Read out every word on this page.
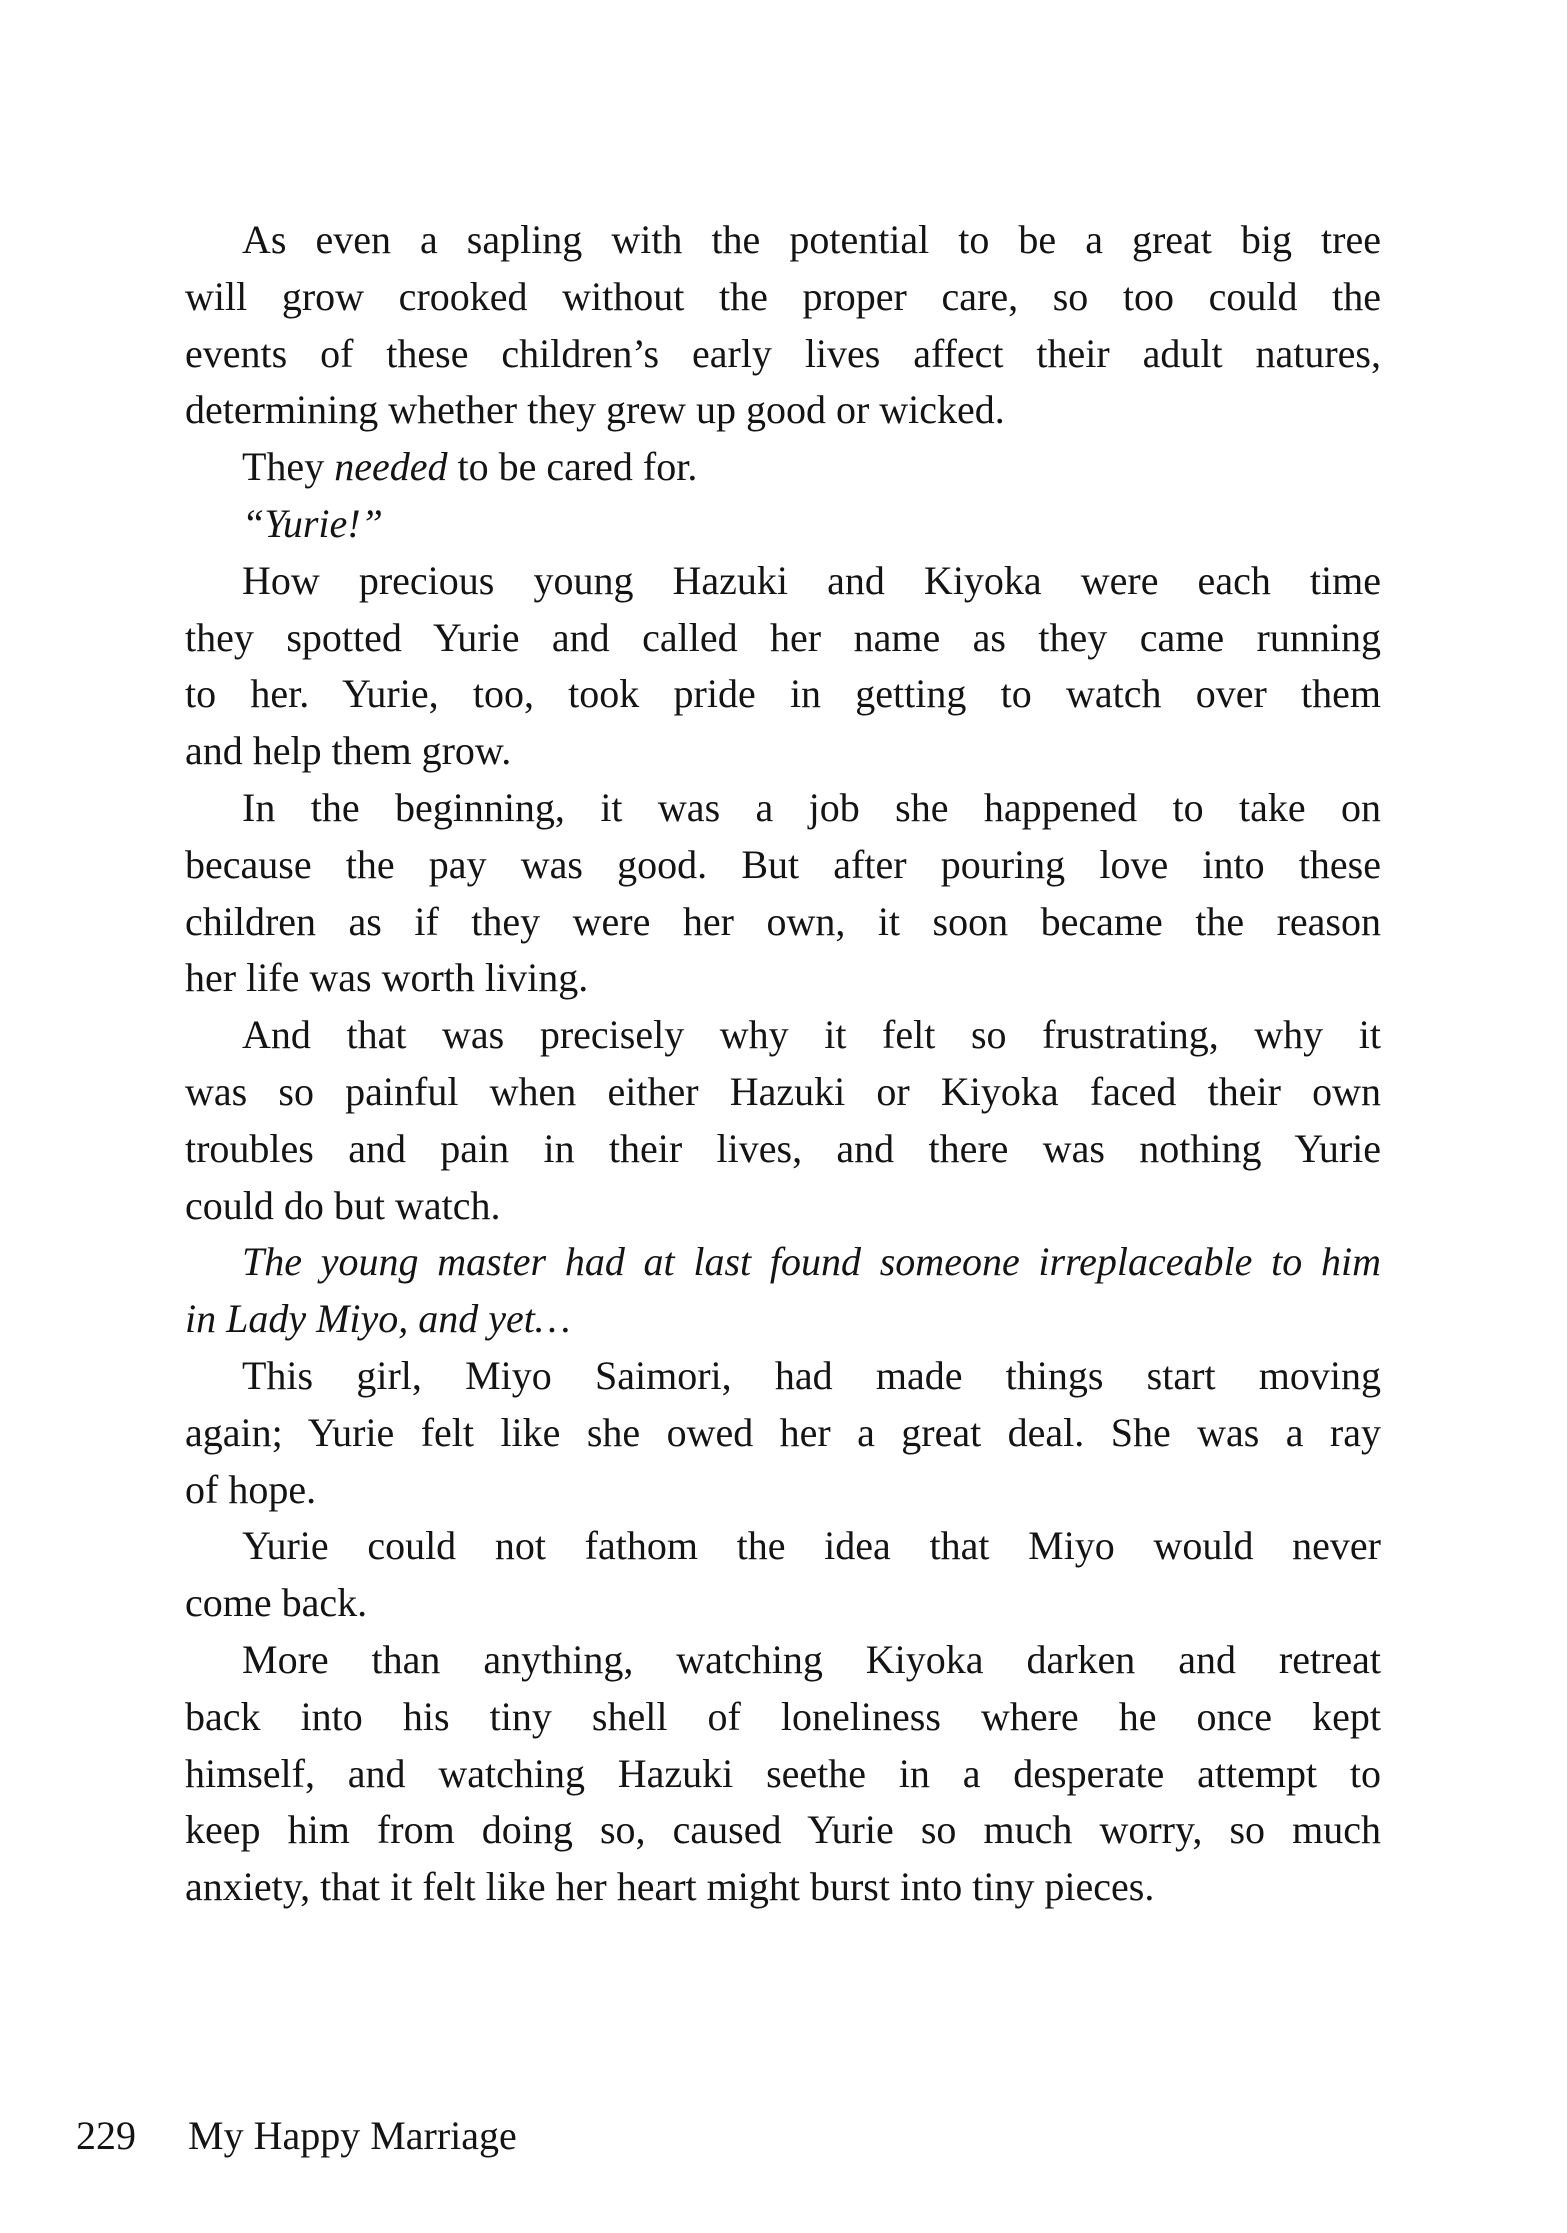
As even a sapling with the potential to be a great big tree
will grow crooked without the proper care, so too could the
events of these children’s early lives affect their adult natures,
determining whether they grew up good or wicked.
They needed to be cared for.
“Yurie!”
How precious young Hazuki and Kiyoka were each time
they spotted Yurie and called her name as they came running
to her. Yurie, too, took pride in getting to watch over them
and help them grow.
In the beginning, it was a job she happened to take on
because the pay was good. But after pouring love into these
children as if they were her own, it soon became the reason
her life was worth living.
And that was precisely why it felt so frustrating, why it
was so painful when either Hazuki or Kiyoka faced their own
troubles and pain in their lives, and there was nothing Yurie
could do but watch.
The young master had at last found someone irreplaceable to him
in Lady Miyo, and yet…
This girl, Miyo Saimori, had made things start moving
again; Yurie felt like she owed her a great deal. She was a ray
of hope.
Yurie could not fathom the idea that Miyo would never
come back.
More than anything, watching Kiyoka darken and retreat
back into his tiny shell of loneliness where he once kept
himself, and watching Hazuki seethe in a desperate attempt to
keep him from doing so, caused Yurie so much worry, so much
anxiety, that it felt like her heart might burst into tiny pieces.
229 My Happy Marriage
